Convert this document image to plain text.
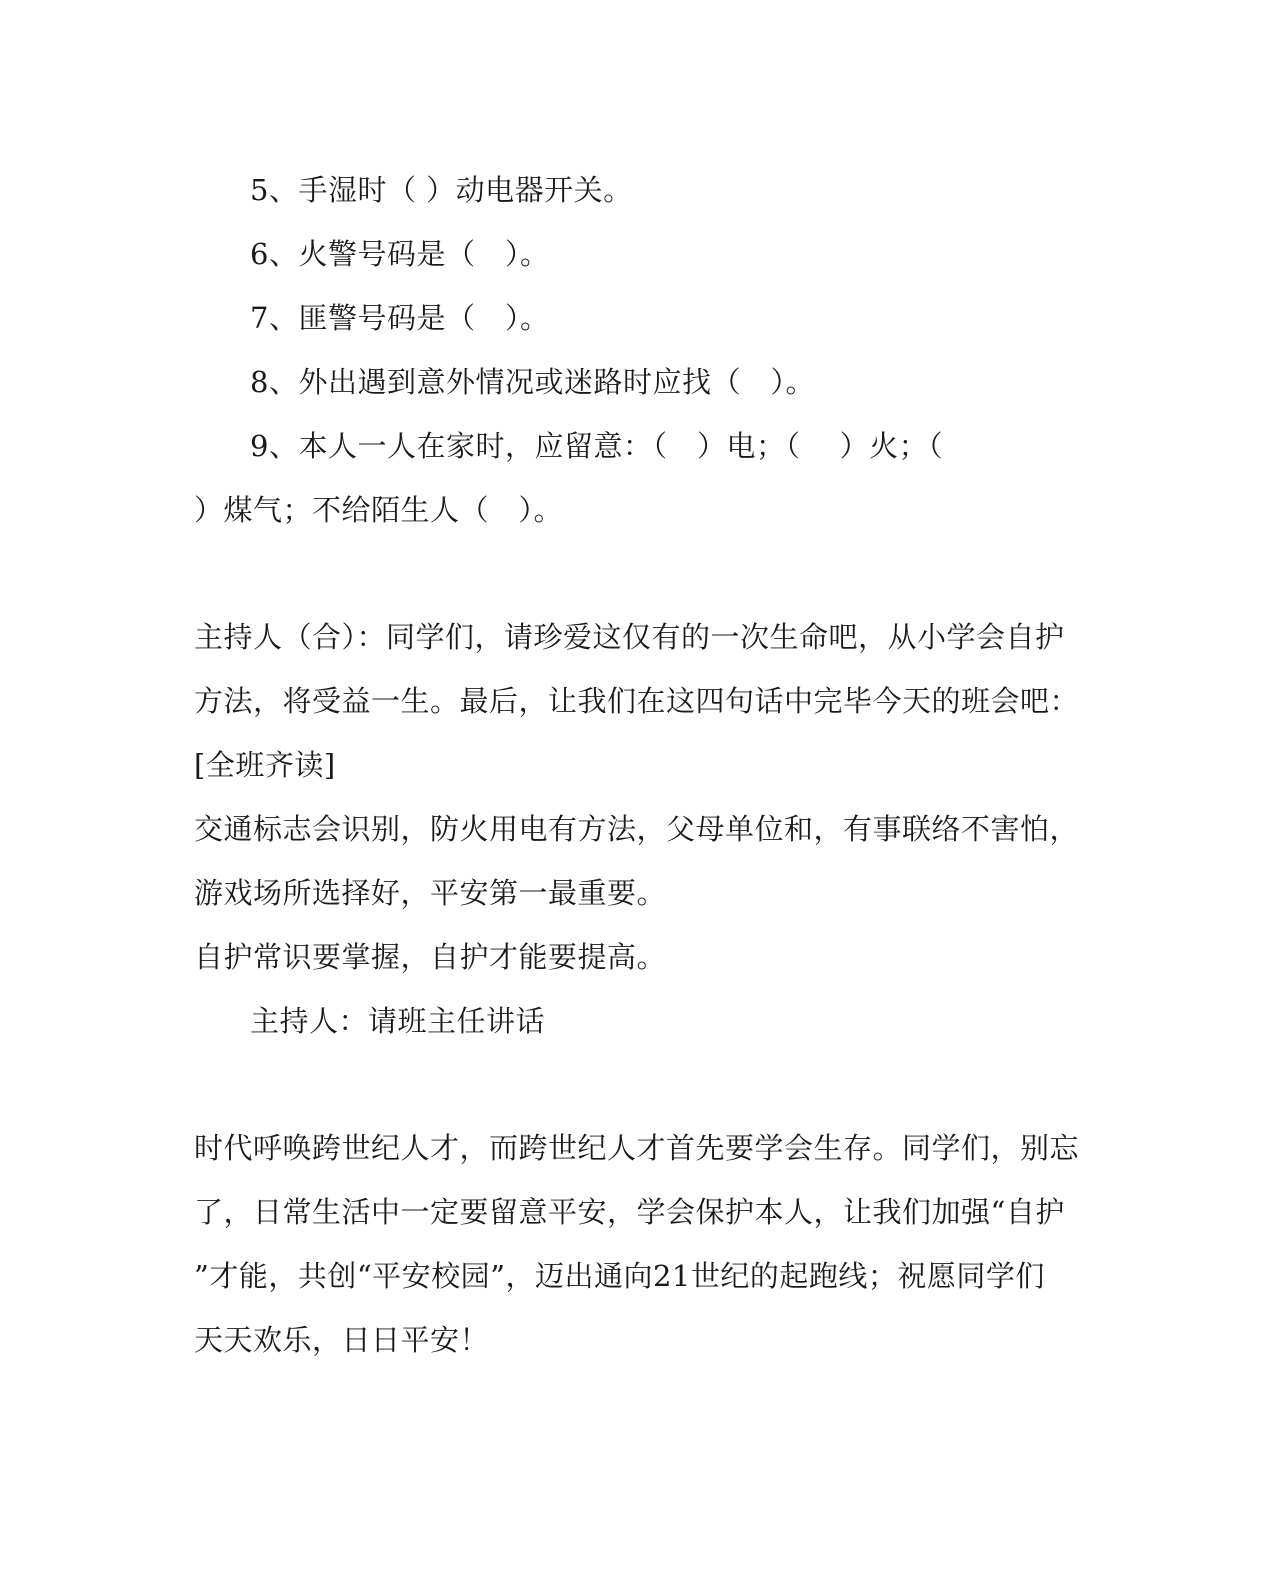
5、手湿时（ ）动电器开关。
6、火警号码是（　）。
7、匪警号码是（　）。
8、外出遇到意外情况或迷路时应找（　）。
9、本人一人在家时，应留意：（　）电；（　 ）火；（
）煤气；不给陌生人（　）。
主持人（合）：同学们，请珍爱这仅有的一次生命吧，从小学会自护
方法，将受益一生。最后，让我们在这四句话中完毕今天的班会吧：
[全班齐读]
交通标志会识别，防火用电有方法，父母单位和，有事联络不害怕，
游戏场所选择好，平安第一最重要。
自护常识要掌握，自护才能要提高。
主持人：请班主任讲话
时代呼唤跨世纪人才，而跨世纪人才首先要学会生存。同学们，别忘
了，日常生活中一定要留意平安，学会保护本人，让我们加强“自护
”才能，共创“平安校园”，迈出通向21世纪的起跑线；祝愿同学们
天天欢乐，日日平安！
